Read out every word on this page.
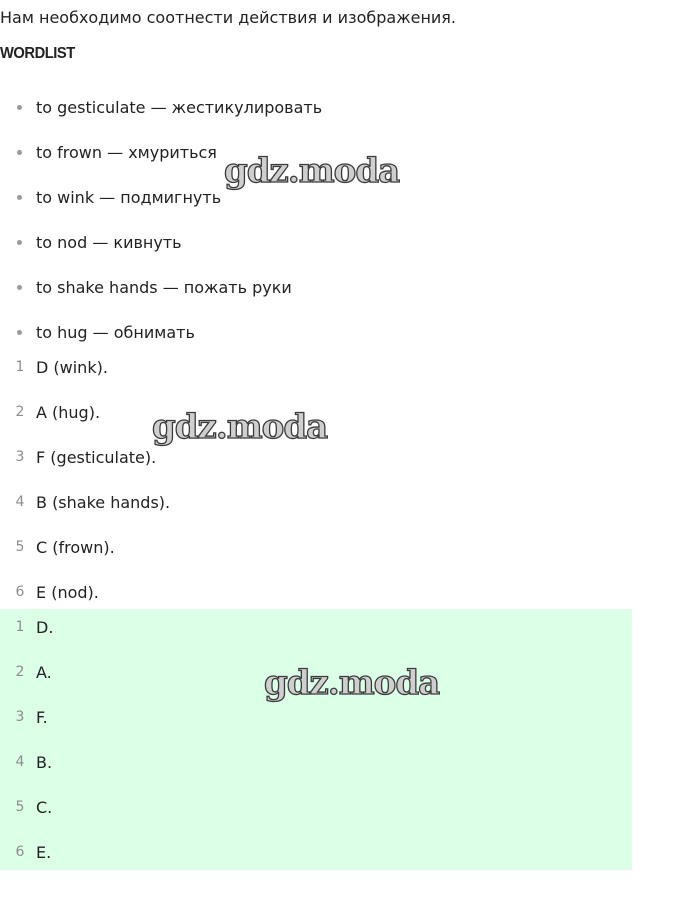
Нам необходимо соотнести действия и изображения.
WORDLIST
to gesticulate — жестикулировать
to frown — хмуриться
to wink — подмигнуть
to nod — кивнуть
to shake hands — пожать руки
to hug — обнимать
1 D (wink).
2 A (hug).
3 F (gesticulate).
4 B (shake hands).
5 C (frown).
6 E (nod).
1 D.
2 A.
3 F.
4 B.
5 C.
6 E.
gdz.moda
gdz.moda
gdz.moda
